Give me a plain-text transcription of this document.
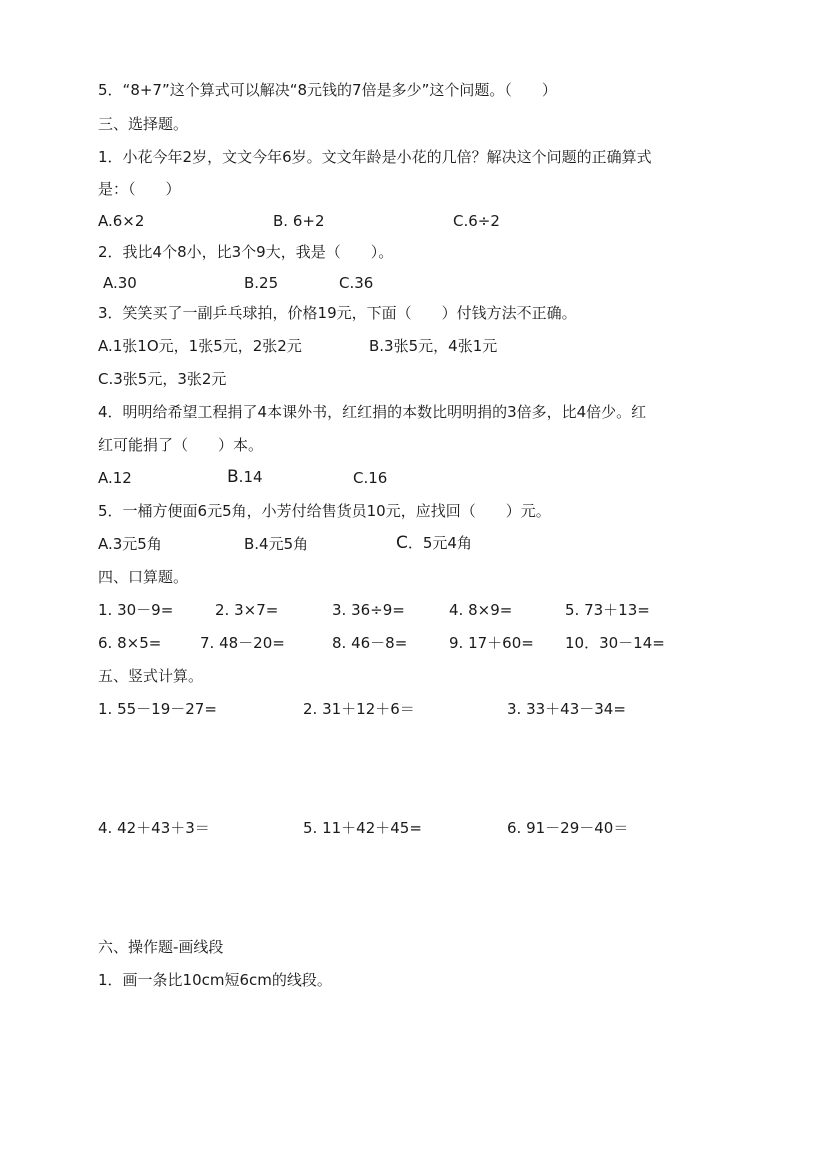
5．“8+7”这个算式可以解决“8元钱的7倍是多少”这个问题。（　　）
三、选择题。
1．小花今年2岁，文文今年6岁。文文年龄是小花的几倍？解决这个问题的正确算式
是：（　　）
A.6×2	B. 6+2	C.6÷2
2．我比4个8小，比3个9大，我是（　　）。
A.30	B.25	C.36
3．笑笑买了一副乒乓球拍，价格19元，下面（　　）付钱方法不正确。
A.1张1O元，1张5元，2张2元	B.3张5元，4张1元
C.3张5元，3张2元
4．明明给希望工程捐了4本课外书，红红捐的本数比明明捐的3倍多，比4倍少。红
红可能捐了（　　）本。
A.12	B.14	C.16
5．一桶方便面6元5角，小芳付给售货员10元，应找回（　　）元。
A.3元5角	B.4元5角	C．5元4角
四、口算题。
1. 30－9=	2. 3×7=	3. 36÷9=	4. 8×9=	5. 73＋13=
6. 8×5=	7. 48－20=	8. 46－8=	9. 17＋60= 10．30－14=
五、竖式计算。
1. 55－19－27=	2. 31＋12＋6＝	3. 33＋43－34=
4. 42＋43＋3＝	5. 11＋42＋45=	6. 91－29－40＝
六、操作题-画线段
1．画一条比10cm短6cm的线段。
